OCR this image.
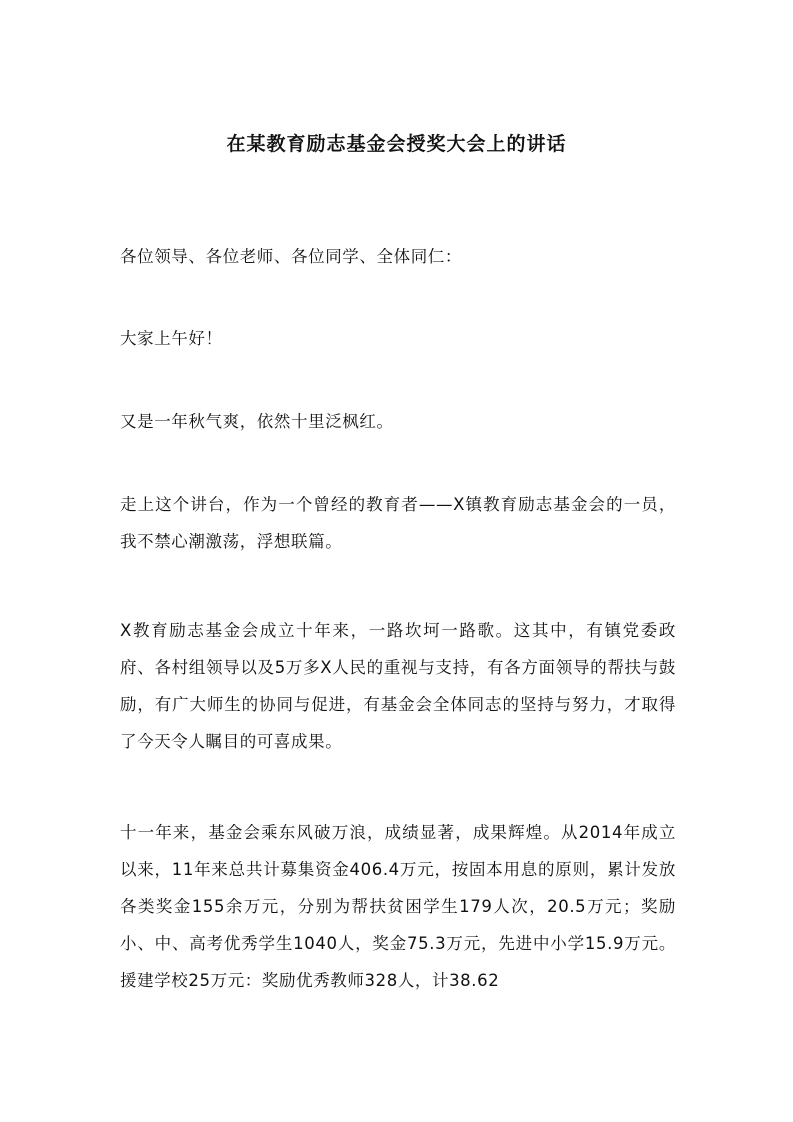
在某教育励志基金会授奖大会上的讲话
各位领导、各位老师、各位同学、全体同仁：
大家上午好！
又是一年秋气爽，依然十里泛枫红。
走上这个讲台，作为一个曾经的教育者——X镇教育励志基金会的一员，我不禁心潮激荡，浮想联篇。
X教育励志基金会成立十年来，一路坎坷一路歌。这其中，有镇党委政府、各村组领导以及5万多X人民的重视与支持，有各方面领导的帮扶与鼓励，有广大师生的协同与促进，有基金会全体同志的坚持与努力，才取得了今天令人瞩目的可喜成果。
十一年来，基金会乘东风破万浪，成绩显著，成果辉煌。从2014年成立以来，11年来总共计募集资金406.4万元，按固本用息的原则，累计发放各类奖金155余万元，分别为帮扶贫困学生179人次，20.5万元；奖励小、中、高考优秀学生1040人，奖金75.3万元，先进中小学15.9万元。援建学校25万元：奖励优秀教师328人，计38.62
